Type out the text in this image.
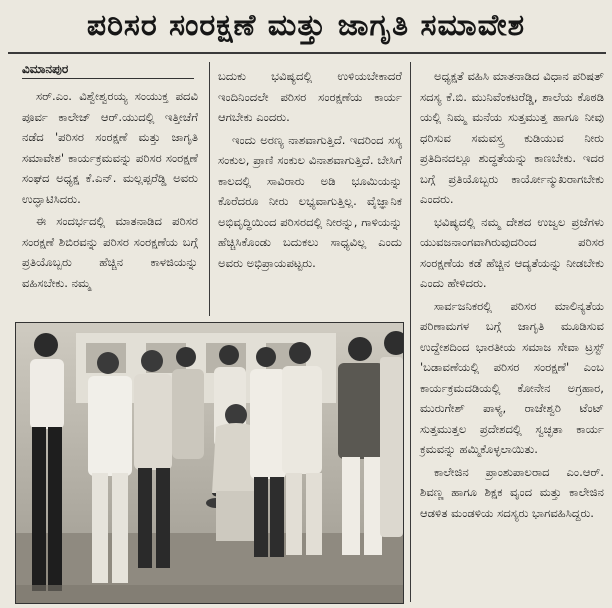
ಪರಿಸರ ಸಂರಕ್ಷಣೆ ಮತ್ತು ಜಾಗೃತಿ ಸಮಾವೇಶ
ವಿಮಾನಪುರ

ಸರ್.ಎಂ. ವಿಶ್ವೇಶ್ವರಯ್ಯ ಸಂಯುಕ್ತ ಪದವಿ ಪೂರ್ವ ಕಾಲೇಜ್ ಆರ್.ಯುದಲ್ಲಿ ಇತ್ತೀಚೆಗೆ ನಡೆದ 'ಪರಿಸರ ಸಂರಕ್ಷಣೆ ಮತ್ತು ಜಾಗೃತಿ ಸಮಾವೇಶ' ಕಾರ್ಯಕ್ರಮವನ್ನು ಪರಿಸರ ಸಂರಕ್ಷಣೆ ಸಂಘದ ಅಧ್ಯಕ್ಷ ಕೆ.ಎನ್. ಮಲ್ಲಪ್ಪರೆಡ್ಡಿ ಅವರು ಉದ್ಘಾಟಿಸಿದರು.

ಈ ಸಂದರ್ಭದಲ್ಲಿ ಮಾತನಾಡಿದ ಪರಿಸರ ಸಂರಕ್ಷಣೆ ಶಿಬಿರವನ್ನು ಪರಿಸರ ಸಂರಕ್ಷಣೆಯ ಬಗ್ಗೆ ಪ್ರತಿಯೊಬ್ಬರು ಹೆಚ್ಚಿನ ಕಾಳಜಿಯನ್ನು ವಹಿಸಬೇಕು. ನಮ್ಮ

ಬದುಕು ಭವಿಷ್ಯದಲ್ಲಿ ಉಳಿಯಬೇಕಾದರೆ ಇಂದಿನಿಂದಲೇ ಪರಿಸರ ಸಂರಕ್ಷಣೆಯ ಕಾರ್ಯ ಆಗಬೇಕು ಎಂದರು.

ಇಂದು ಅರಣ್ಯ ನಾಶವಾಗುತ್ತಿದೆ. ಇದರಿಂದ ಸಸ್ಯ ಸಂಕುಲ, ಪ್ರಾಣಿ ಸಂಕುಲ ವಿನಾಶವಾಗುತ್ತಿದೆ. ಬೇಸಿಗೆ ಕಾಲದಲ್ಲಿ ಸಾವಿರಾರು ಅಡಿ ಭೂಮಿಯನ್ನು ಕೊರೆದರೂ ನೀರು ಲಭ್ಯವಾಗುತ್ತಿಲ್ಲ. ವೈಜ್ಞಾನಿಕ ಅಭಿವೃದ್ಧಿಯಿಂದ ಪರಿಸರದಲ್ಲಿ ನೀರನ್ನು, ಗಾಳಿಯನ್ನು ಹೆಚ್ಚಿಸಿಕೊಂಡು ಬದುಕಲು ಸಾಧ್ಯವಿಲ್ಲ ಎಂದು ಅವರು ಅಭಿಪ್ರಾಯಪಟ್ಟರು.

ಅಧ್ಯಕ್ಷತೆ ವಹಿಸಿ ಮಾತನಾಡಿದ ವಿಧಾನ ಪರಿಷತ್ ಸದಸ್ಯ ಕೆ.ಬಿ. ಮುನಿವೆಂಕಟರೆಡ್ಡಿ, ಶಾಲೆಯ ಕೊಠಡಿ ಯಲ್ಲಿ ನಿಮ್ಮ ಮನೆಯ ಸುತ್ತಮುತ್ತ ಹಾಗೂ ನೀವು ಧರಿಸುವ ಸಮವಸ್ತ್ರ ಕುಡಿಯುವ ನೀರು ಪ್ರತಿದಿನದಲ್ಲೂ ಶುದ್ಧತೆಯನ್ನು ಕಾಣಬೇಕು. ಇದರ ಬಗ್ಗೆ ಪ್ರತಿಯೊಬ್ಬರು ಕಾರ್ಯೋನ್ಮುಖರಾಗಬೇಕು ಎಂದರು.

ಭವಿಷ್ಯದಲ್ಲಿ ನಮ್ಮ ದೇಶದ ಉಜ್ವಲ ಪ್ರಜೆಗಳು ಯುವಜನಾಂಗವಾಗಿರುವುದರಿಂದ ಪರಿಸರ ಸಂರಕ್ಷಣೆಯ ಕಡೆ ಹೆಚ್ಚಿನ ಆದ್ಯತೆಯನ್ನು ನೀಡಬೇಕು ಎಂದು ಹೇಳಿದರು.

ಸಾರ್ವಜನಿಕರಲ್ಲಿ ಪರಿಸರ ಮಾಲಿನ್ಯತೆಯ ಪರಿಣಾಮಗಳ ಬಗ್ಗೆ ಜಾಗೃತಿ ಮೂಡಿಸುವ ಉದ್ದೇಶದಿಂದ ಭಾರತೀಯ ಸಮಾಜ ಸೇವಾ ಟ್ರಸ್ಟ್ 'ಬಡಾವಣೆಯಲ್ಲಿ ಪರಿಸರ ಸಂರಕ್ಷಣೆ' ಎಂಬ ಕಾರ್ಯಕ್ರಮದಡಿಯಲ್ಲಿ ಕೋನೇನ ಅಗ್ರಹಾರ, ಮುರುಗೇಶ್ ಪಾಳ್ಯ, ರಾಜೇಶ್ವರಿ ಟೆಂಟ್ ಸುತ್ತಮುತ್ತಲ ಪ್ರದೇಶದಲ್ಲಿ ಸ್ವಚ್ಛತಾ ಕಾರ್ಯ ಕ್ರಮವನ್ನು ಹಮ್ಮಿಕೊಳ್ಳಲಾಯಿತು.

ಕಾಲೇಜಿನ ಪ್ರಾಂಶುಪಾಲರಾದ ಎಂ.ಆರ್. ಶಿವಣ್ಣ ಹಾಗೂ ಶಿಕ್ಷಕ ವೃಂದ ಮತ್ತು ಕಾಲೇಜಿನ ಆಡಳಿತ ಮಂಡಳಿಯ ಸದಸ್ಯರು ಭಾಗವಹಿಸಿದ್ದರು.
